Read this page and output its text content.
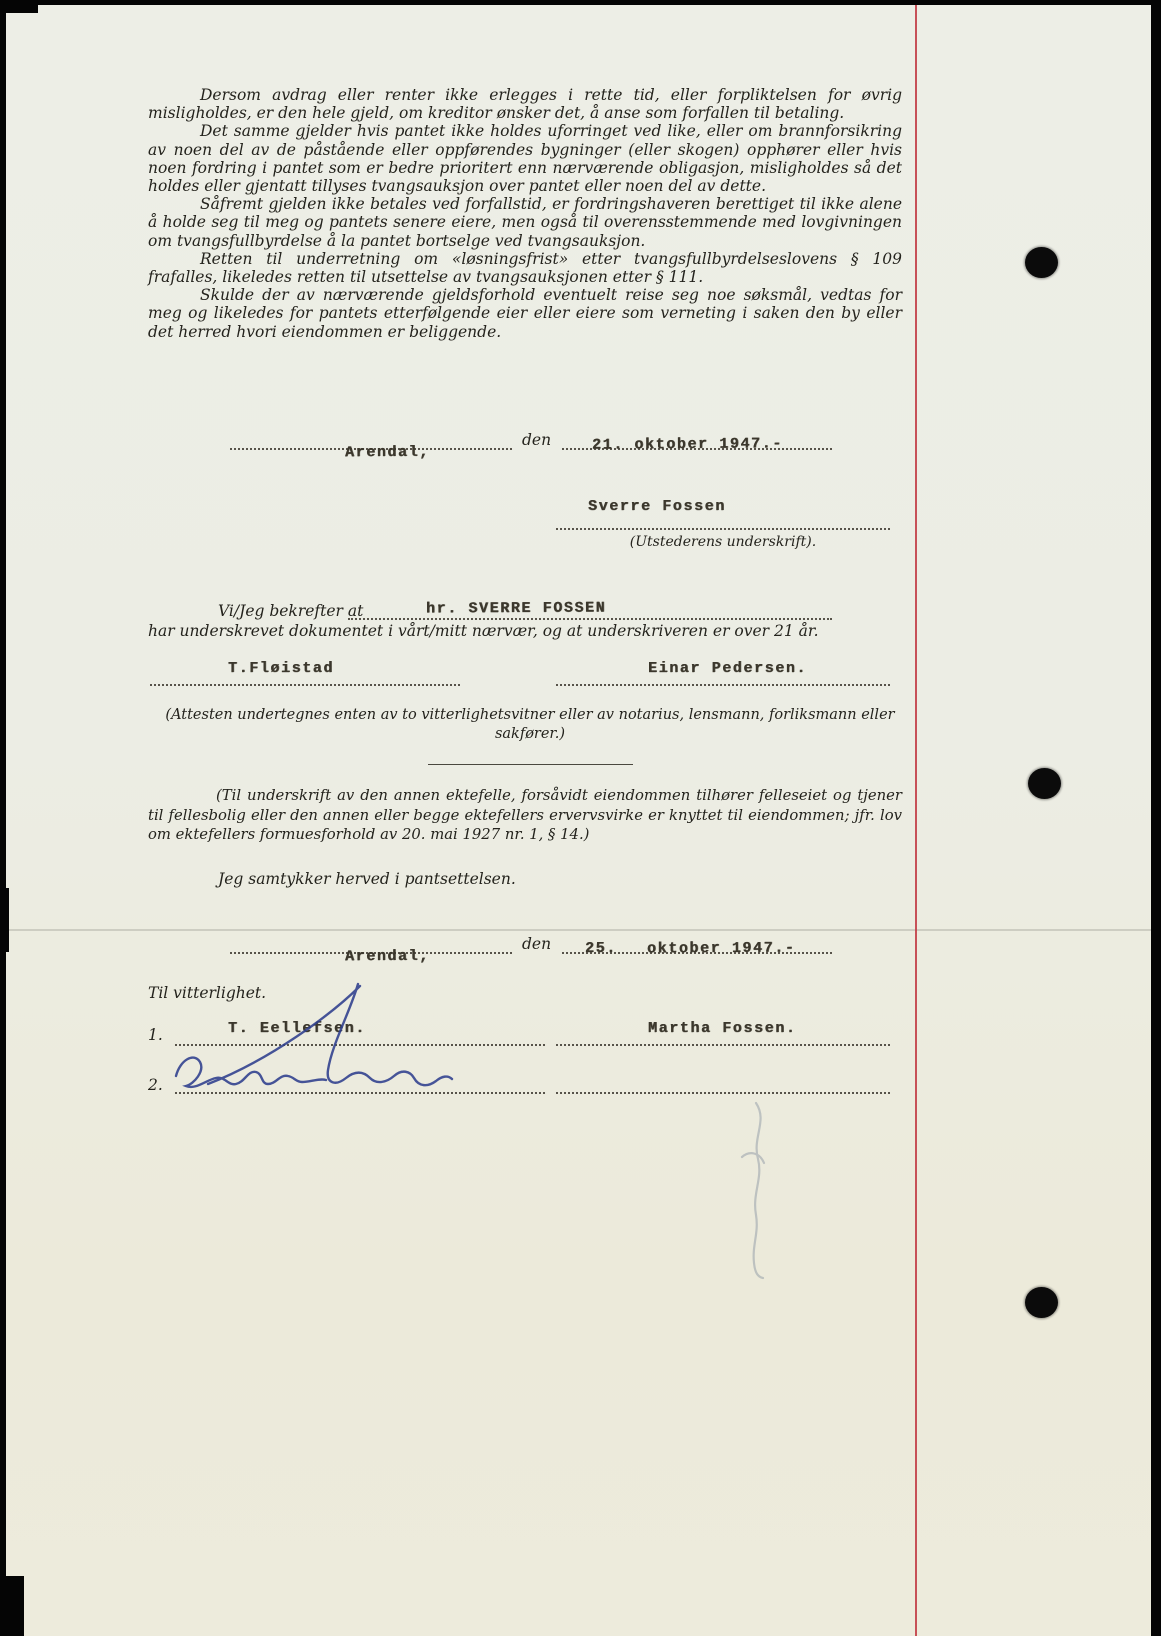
Dersom avdrag eller renter ikke erlegges i rette tid, eller forpliktelsen for øvrig misligholdes, er den hele gjeld, om kreditor ønsker det, å anse som forfallen til betaling.

Det samme gjelder hvis pantet ikke holdes uforringet ved like, eller om brannforsikring av noen del av de påstående eller oppførendes bygninger (eller skogen) opphører eller hvis noen fordring i pantet som er bedre prioritert enn nærværende obligasjon, misligholdes så det holdes eller gjentatt tillyses tvangsauksjon over pantet eller noen del av dette.

Såfremt gjelden ikke betales ved forfallstid, er fordringshaveren berettiget til ikke alene å holde seg til meg og pantets senere eiere, men også til overensstemmende med lovgivningen om tvangsfullbyrdelse å la pantet bortselge ved tvangsauksjon.

Retten til underretning om «løsningsfrist» etter tvangsfullbyrdelseslovens § 109 frafalles, likeledes retten til utsettelse av tvangsauksjonen etter § 111.

Skulde der av nærværende gjeldsforhold eventuelt reise seg noe søksmål, vedtas for meg og likeledes for pantets etterfølgende eier eller eiere som verneting i saken den by eller det herred hvori eiendommen er beliggende.

den
Arendal,	21. oktober 1947.-
Sverre Fossen
(Utstederens underskrift).
Vi/Jeg bekrefter at	hr. SVERRE FOSSEN
har underskrevet dokumentet i vårt/mitt nærvær, og at underskriveren er over 21 år.
T.Fløistad	Einar Pedersen.
(Attesten undertegnes enten av to vitterlighetsvitner eller av notarius, lensmann, forliksmann eller sakfører.)
(Til underskrift av den annen ektefelle, forsåvidt eiendommen tilhører felleseiet og tjener til fellesbolig eller den annen eller begge ektefellers ervervsvirke er knyttet til eiendommen; jfr. lov om ektefellers formuesforhold av 20. mai 1927 nr. 1, § 14.)
Jeg samtykker herved i pantsettelsen.
den
Arendal,	25. oktober 1947.-
Til vitterlighet.
1.	T. Eellefsen.	Martha Fossen.
2.
